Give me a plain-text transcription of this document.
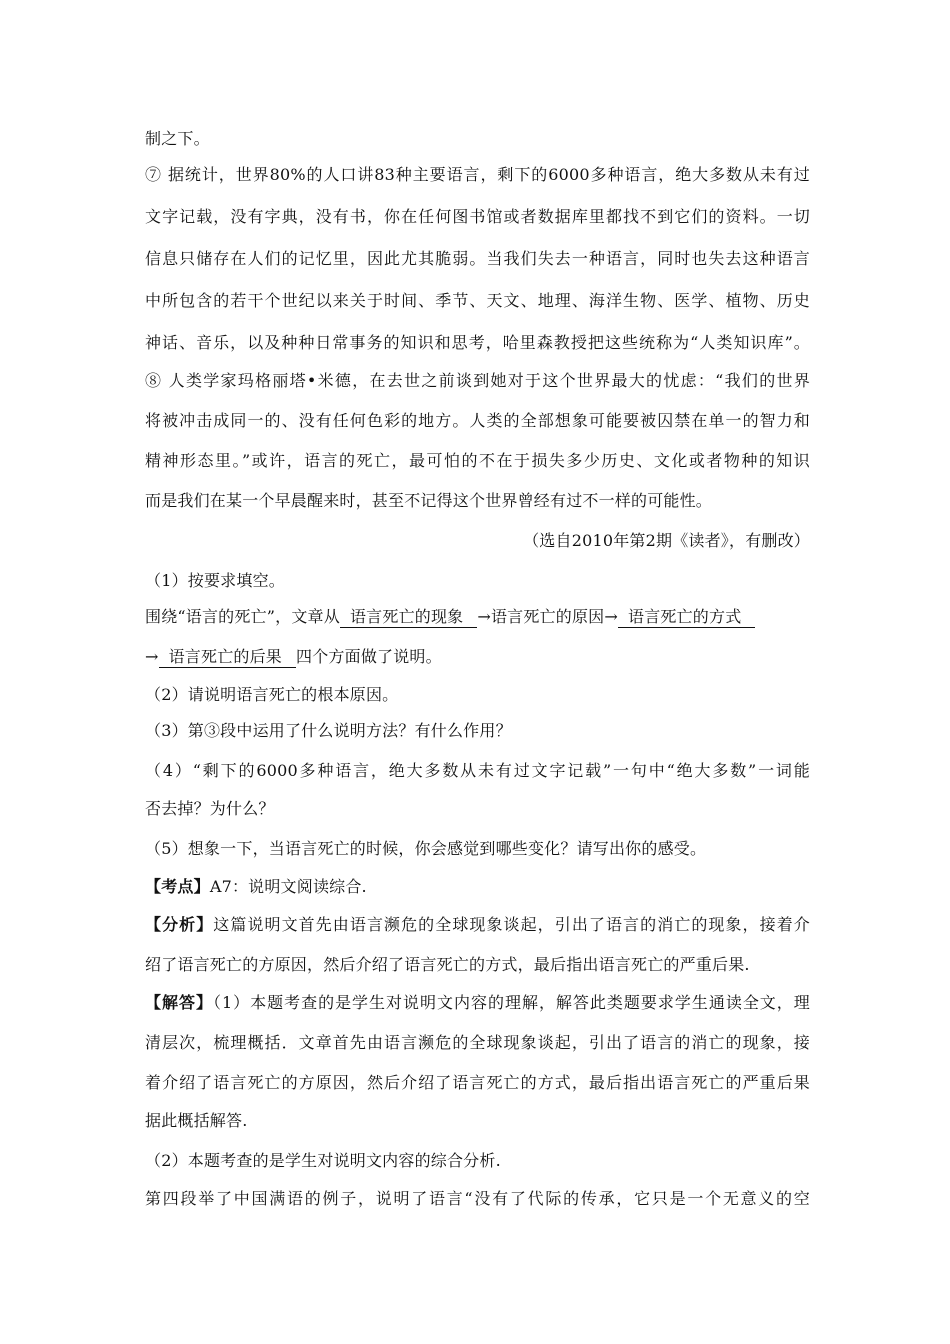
制之下。
⑦ 据统计，世界80%的人口讲83种主要语言，剩下的6000多种语言，绝大多数从未有过
文字记载，没有字典，没有书，你在任何图书馆或者数据库里都找不到它们的资料。一切
信息只储存在人们的记忆里，因此尤其脆弱。当我们失去一种语言，同时也失去这种语言
中所包含的若干个世纪以来关于时间、季节、天文、地理、海洋生物、医学、植物、历史
神话、音乐，以及种种日常事务的知识和思考，哈里森教授把这些统称为“人类知识库”。
⑧ 人类学家玛格丽塔•米德，在去世之前谈到她对于这个世界最大的忧虑：“我们的世界
将被冲击成同一的、没有任何色彩的地方。人类的全部想象可能要被囚禁在单一的智力和
精神形态里。”或许，语言的死亡，最可怕的不在于损失多少历史、文化或者物种的知识
而是我们在某一个早晨醒来时，甚至不记得这个世界曾经有过不一样的可能性。
（选自2010年第2期《读者》，有删改）
（1）按要求填空。
围绕“语言的死亡”，文章从 语言死亡的现象 →语言死亡的原因→ 语言死亡的方式
→ 语言死亡的后果 四个方面做了说明。
（2）请说明语言死亡的根本原因。
（3）第③段中运用了什么说明方法？有什么作用？
（4）“剩下的6000多种语言，绝大多数从未有过文字记载”一句中“绝大多数”一词能
否去掉？为什么？
（5）想象一下，当语言死亡的时候，你会感觉到哪些变化？请写出你的感受。
【考点】A7：说明文阅读综合.
【分析】这篇说明文首先由语言濒危的全球现象谈起，引出了语言的消亡的现象，接着介
绍了语言死亡的方原因，然后介绍了语言死亡的方式，最后指出语言死亡的严重后果.
【解答】（1）本题考查的是学生对说明文内容的理解，解答此类题要求学生通读全文，理
清层次，梳理概括．文章首先由语言濒危的全球现象谈起，引出了语言的消亡的现象，接
着介绍了语言死亡的方原因，然后介绍了语言死亡的方式，最后指出语言死亡的严重后果
据此概括解答.
（2）本题考查的是学生对说明文内容的综合分析.
第四段举了中国满语的例子，说明了语言“没有了代际的传承，它只是一个无意义的空
